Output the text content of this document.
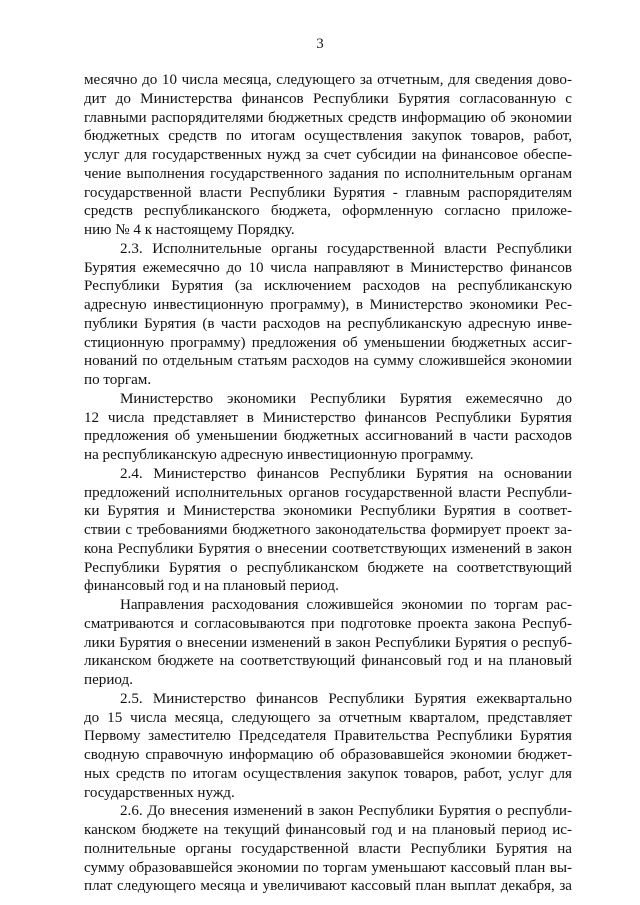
3
месячно до 10 числа месяца, следующего за отчетным, для сведения дово-
дит до Министерства финансов Республики Бурятия согласованную с
главными распорядителями бюджетных средств информацию об экономии
бюджетных средств по итогам осуществления закупок товаров, работ,
услуг для государственных нужд за счет субсидии на финансовое обеспе-
чение выполнения государственного задания по исполнительным органам
государственной власти Республики Бурятия - главным распорядителям
средств республиканского бюджета, оформленную согласно приложе-
нию № 4 к настоящему Порядку.
2.3. Исполнительные органы государственной власти Республики
Бурятия ежемесячно до 10 числа направляют в Министерство финансов
Республики Бурятия (за исключением расходов на республиканскую
адресную инвестиционную программу), в Министерство экономики Рес-
публики Бурятия (в части расходов на республиканскую адресную инве-
стиционную программу) предложения об уменьшении бюджетных ассиг-
нований по отдельным статьям расходов на сумму сложившейся экономии
по торгам.
Министерство экономики Республики Бурятия ежемесячно до
12 числа представляет в Министерство финансов Республики Бурятия
предложения об уменьшении бюджетных ассигнований в части расходов
на республиканскую адресную инвестиционную программу.
2.4. Министерство финансов Республики Бурятия на основании
предложений исполнительных органов государственной власти Республи-
ки Бурятия и Министерства экономики Республики Бурятия в соответ-
ствии с требованиями бюджетного законодательства формирует проект за-
кона Республики Бурятия о внесении соответствующих изменений в закон
Республики Бурятия о республиканском бюджете на соответствующий
финансовый год и на плановый период.
Направления расходования сложившейся экономии по торгам рас-
сматриваются и согласовываются при подготовке проекта закона Респуб-
лики Бурятия о внесении изменений в закон Республики Бурятия о респуб-
ликанском бюджете на соответствующий финансовый год и на плановый
период.
2.5. Министерство финансов Республики Бурятия ежеквартально
до 15 числа месяца, следующего за отчетным кварталом, представляет
Первому заместителю Председателя Правительства Республики Бурятия
сводную справочную информацию об образовавшейся экономии бюджет-
ных средств по итогам осуществления закупок товаров, работ, услуг для
государственных нужд.
2.6. До внесения изменений в закон Республики Бурятия о республи-
канском бюджете на текущий финансовый год и на плановый период ис-
полнительные органы государственной власти Республики Бурятия на
сумму образовавшейся экономии по торгам уменьшают кассовый план вы-
плат следующего месяца и увеличивают кассовый план выплат декабря, за
